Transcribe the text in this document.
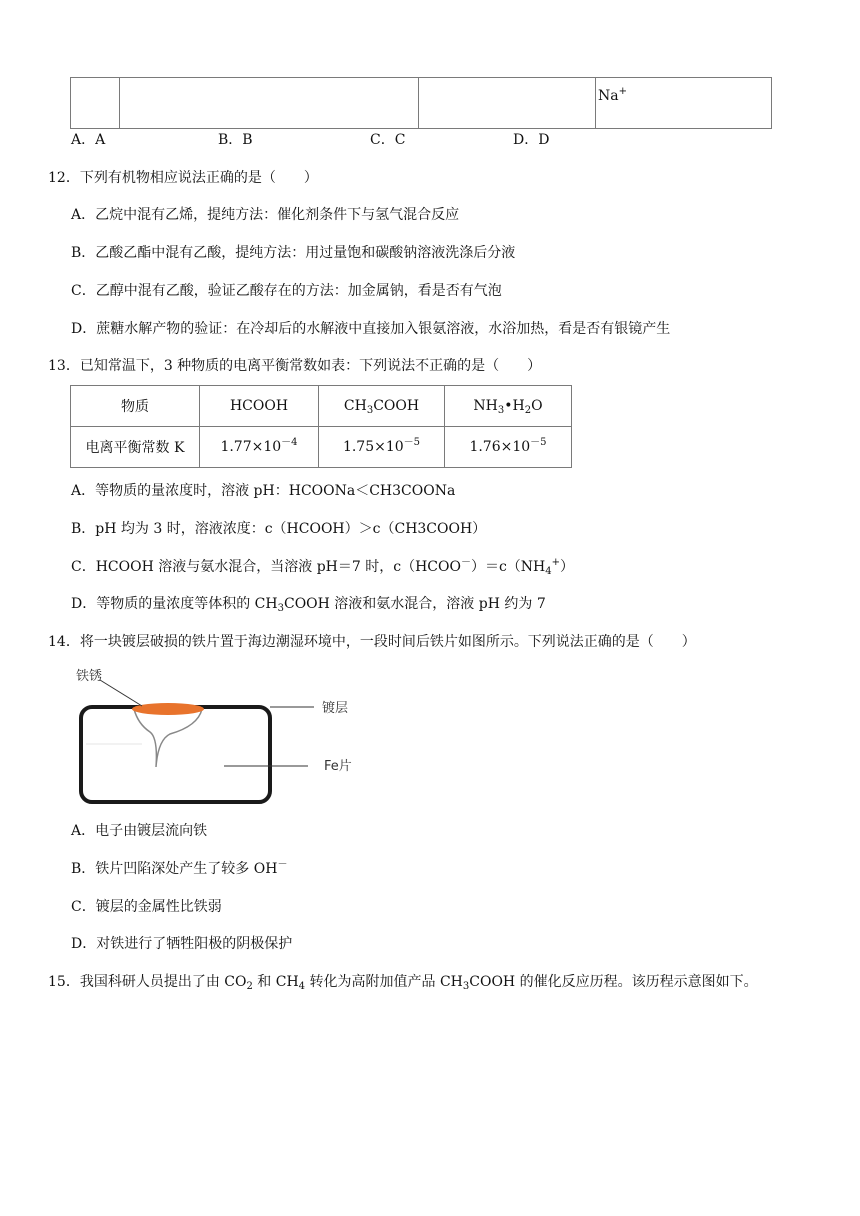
			Na+
A．A	B．B	C．C	D．D
12．下列有机物相应说法正确的是（　　）
A．乙烷中混有乙烯，提纯方法：催化剂条件下与氢气混合反应
B．乙酸乙酯中混有乙酸，提纯方法：用过量饱和碳酸钠溶液洗涤后分液
C．乙醇中混有乙酸，验证乙酸存在的方法：加金属钠，看是否有气泡
D．蔗糖水解产物的验证：在冷却后的水解液中直接加入银氨溶液，水浴加热，看是否有银镜产生
13．已知常温下，3 种物质的电离平衡常数如表：下列说法不正确的是（　　）
物质	HCOOH	$CH_3COOH$	$NH_3•H_2O$
电离平衡常数 K	$1.77\times 10^{-4}$	$1.75\times 10^{-5}$	$1.76\times 10^{-5}$
A．等物质的量浓度时，溶液 pH：HCOONa＜CH3COONa
B．pH 均为 3 时，溶液浓度：c（HCOOH）＞c（CH3COOH）
C．HCOOH 溶液与氨水混合，当溶液 pH＝7 时，$c(HCOO^-)=c(NH_4^+)$
D．等物质的量浓度等体积的 $CH_3COOH$ 溶液和氨水混合，溶液 pH 约为 7
14．将一块镀层破损的铁片置于海边潮湿环境中，一段时间后铁片如图所示。下列说法正确的是（　　）
铁锈
镀层
Fe片
A．电子由镀层流向铁
B．铁片凹陷深处产生了较多 OH－
C．镀层的金属性比铁弱
D．对铁进行了牺牲阳极的阴极保护
15．我国科研人员提出了由 $CO_2$ 和 $CH_4$ 转化为高附加值产品 $CH_3COOH$ 的催化反应历程。该历程示意图如下。
